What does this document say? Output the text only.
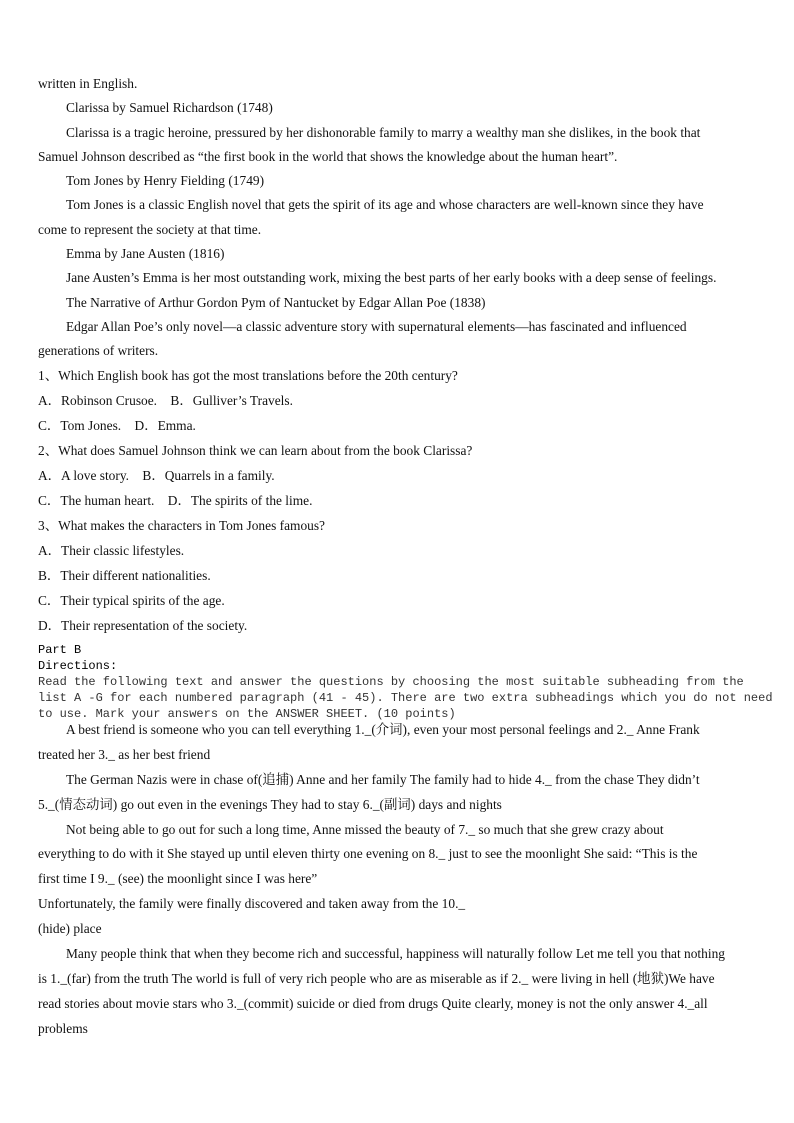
written in English.
Clarissa by Samuel Richardson (1748)
Clarissa is a tragic heroine, pressured by her dishonorable family to marry a wealthy man she dislikes, in the book that
Samuel Johnson described as “the first book in the world that shows the knowledge about the human heart”.
Tom Jones by Henry Fielding (1749)
Tom Jones is a classic English novel that gets the spirit of its age and whose characters are well-known since they have
come to represent the society at that time.
Emma by Jane Austen (1816)
Jane Austen’s Emma is her most outstanding work, mixing the best parts of her early books with a deep sense of feelings.
The Narrative of Arthur Gordon Pym of Nantucket by Edgar Allan Poe (1838)
Edgar Allan Poe’s only novel—a classic adventure story with supernatural elements—has fascinated and influenced
generations of writers.
1、Which English book has got the most translations before the 20th century?
A．Robinson Crusoe.　B．Gulliver’s Travels.
C．Tom Jones.　D．Emma.
2、What does Samuel Johnson think we can learn about from the book Clarissa?
A．A love story.　B．Quarrels in a family.
C．The human heart.　D．The spirits of the lime.
3、What makes the characters in Tom Jones famous?
A．Their classic lifestyles.
B．Their different nationalities.
C．Their typical spirits of the age.
D．Their representation of the society.
Part B
Directions:
Read the following text and answer the questions by choosing the most suitable subheading from the
list A -G for each numbered paragraph (41 - 45). There are two extra subheadings which you do not need
to use. Mark your answers on the ANSWER SHEET. (10 points)
A best friend is someone who you can tell everything 1._(介词), even your most personal feelings and 2._ Anne Frank
treated her 3._ as her best friend
The German Nazis were in chase of(追捕) Anne and her family The family had to hide 4._ from the chase They didn’t
5._(情态动词) go out even in the evenings They had to stay 6._(副词) days and nights
Not being able to go out for such a long time, Anne missed the beauty of 7._ so much that she grew crazy about
everything to do with it She stayed up until eleven thirty one evening on 8._ just to see the moonlight She said: “This is the
first time I 9._ (see) the moonlight since I was here”
Unfortunately, the family were finally discovered and taken away from the 10._
(hide) place
Many people think that when they become rich and successful, happiness will naturally follow Let me tell you that nothing
is 1._(far) from the truth The world is full of very rich people who are as miserable as if 2._ were living in hell (地狱)We have
read stories about movie stars who 3._(commit) suicide or died from drugs Quite clearly, money is not the only answer 4._all
problems
